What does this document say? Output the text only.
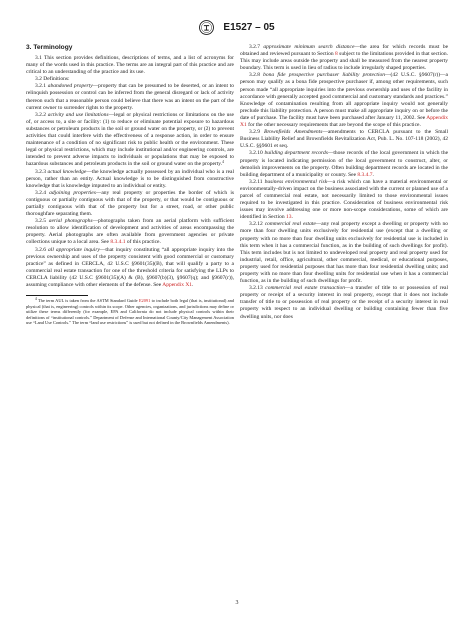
E1527 – 05
3. Terminology

3.1 This section provides definitions, descriptions of terms, and a list of acronyms for many of the words used in this practice. The terms are an integral part of this practice and are critical to an understanding of the practice and its use.

3.2 Definitions:

3.2.1 abandoned property—property that can be presumed to be deserted, or an intent to relinquish possession or control can be inferred from the general disregard or lack of activity thereon such that a reasonable person could believe that there was an intent on the part of the current owner to surrender rights to the property.

3.2.2 activity and use limitations—legal or physical restrictions or limitations on the use of, or access to, a site or facility: (1) to reduce or eliminate potential exposure to hazardous substances or petroleum products in the soil or ground water on the property, or (2) to prevent activities that could interfere with the effectiveness of a response action, in order to ensure maintenance of a condition of no significant risk to public health or the environment. These legal or physical restrictions, which may include institutional and/or engineering controls, are intended to prevent adverse impacts to individuals or populations that may be exposed to hazardous substances and petroleum products in the soil or ground water on the property.$^4$

3.2.3 actual knowledge—the knowledge actually possessed by an individual who is a real person, rather than an entity. Actual knowledge is to be distinguished from constructive knowledge that is knowledge imputed to an individual or entity.

3.2.4 adjoining properties—any real property or properties the border of which is contiguous or partially contiguous with that of the property, or that would be contiguous or partially contiguous with that of the property but for a street, road, or other public thoroughfare separating them.

3.2.5 aerial photographs—photographs taken from an aerial platform with sufficient resolution to allow identification of development and activities of areas encompassing the property. Aerial photographs are often available from government agencies or private collections unique to a local area. See 8.3.4.1 of this practice.

3.2.6 all appropriate inquiry—that inquiry constituting “all appropriate inquiry into the previous ownership and uses of the property consistent with good commercial or customary practice” as defined in CERCLA, 42 U.S.C §9601(35)(B), that will qualify a party to a commercial real estate transaction for one of the threshold criteria for satisfying the LLPs to CERCLA liability (42 U.S.C §9601(35)(A) & (B), §9607(b)(3), §9607(q); and §9607(r)), assuming compliance with other elements of the defense. See Appendix X1.

$^4$ The term AUL is taken from the ASTM Standard Guide E2091 to include both legal (that is, institutional) and physical (that is, engineering) controls within its scope. Other agencies, organizations, and jurisdictions may define or utilize these terms differently (for example, EPA and California do not include physical controls within their definitions of “institutional controls.” Department of Defense and International County/City Management Association use “Land Use Controls.” The term “land use restrictions” is used but not defined in the Brownfields Amendments).

3.2.7 approximate minimum search distance—the area for which records must be obtained and reviewed pursuant to Section 8 subject to the limitations provided in that section. This may include areas outside the property and shall be measured from the nearest property boundary. This term is used in lieu of radius to include irregularly shaped properties.

3.2.8 bona fide prospective purchaser liability protection—(42 U.S.C. §9607(r))—a person may qualify as a bona fide prospective purchaser if, among other requirements, such person made “all appropriate inquiries into the previous ownership and uses of the facility in accordance with generally accepted good commercial and customary standards and practices.” Knowledge of contamination resulting from all appropriate inquiry would not generally preclude this liability protection. A person must make all appropriate inquiry on or before the date of purchase. The facility must have been purchased after January 11, 2002. See Appendix X1 for the other necessary requirements that are beyond the scope of this practice.

3.2.9 Brownfields Amendments—amendments to CERCLA pursuant to the Small Business Liability Relief and Brownfields Revitalization Act, Pub. L. No. 107-118 (2002), 42 U.S.C. §§9601 et seq.

3.2.10 building department records—those records of the local government in which the property is located indicating permission of the local government to construct, alter, or demolish improvements on the property. Often building department records are located in the building department of a municipality or county. See 8.3.4.7.

3.2.11 business environmental risk—a risk which can have a material environmental or environmentally-driven impact on the business associated with the current or planned use of a parcel of commercial real estate, not necessarily limited to those environmental issues required to be investigated in this practice. Consideration of business environmental risk issues may involve addressing one or more non-scope considerations, some of which are identified in Section 13.

3.2.12 commercial real estate—any real property except a dwelling or property with no more than four dwelling units exclusively for residential use (except that a dwelling or property with no more than four dwelling units exclusively for residential use is included in this term when it has a commercial function, as in the building of such dwellings for profit). This term includes but is not limited to undeveloped real property and real property used for industrial, retail, office, agricultural, other commercial, medical, or educational purposes, property used for residential purposes that has more than four residential dwelling units; and property with no more than four dwelling units for residential use when it has a commercial function, as in the building of such dwellings for profit.

3.2.13 commercial real estate transaction—a transfer of title to or possession of real property or receipt of a security interest in real property, except that it does not include transfer of title to or possession of real property or the receipt of a security interest in real property with respect to an individual dwelling or building containing fewer than five dwelling units, nor does

3
